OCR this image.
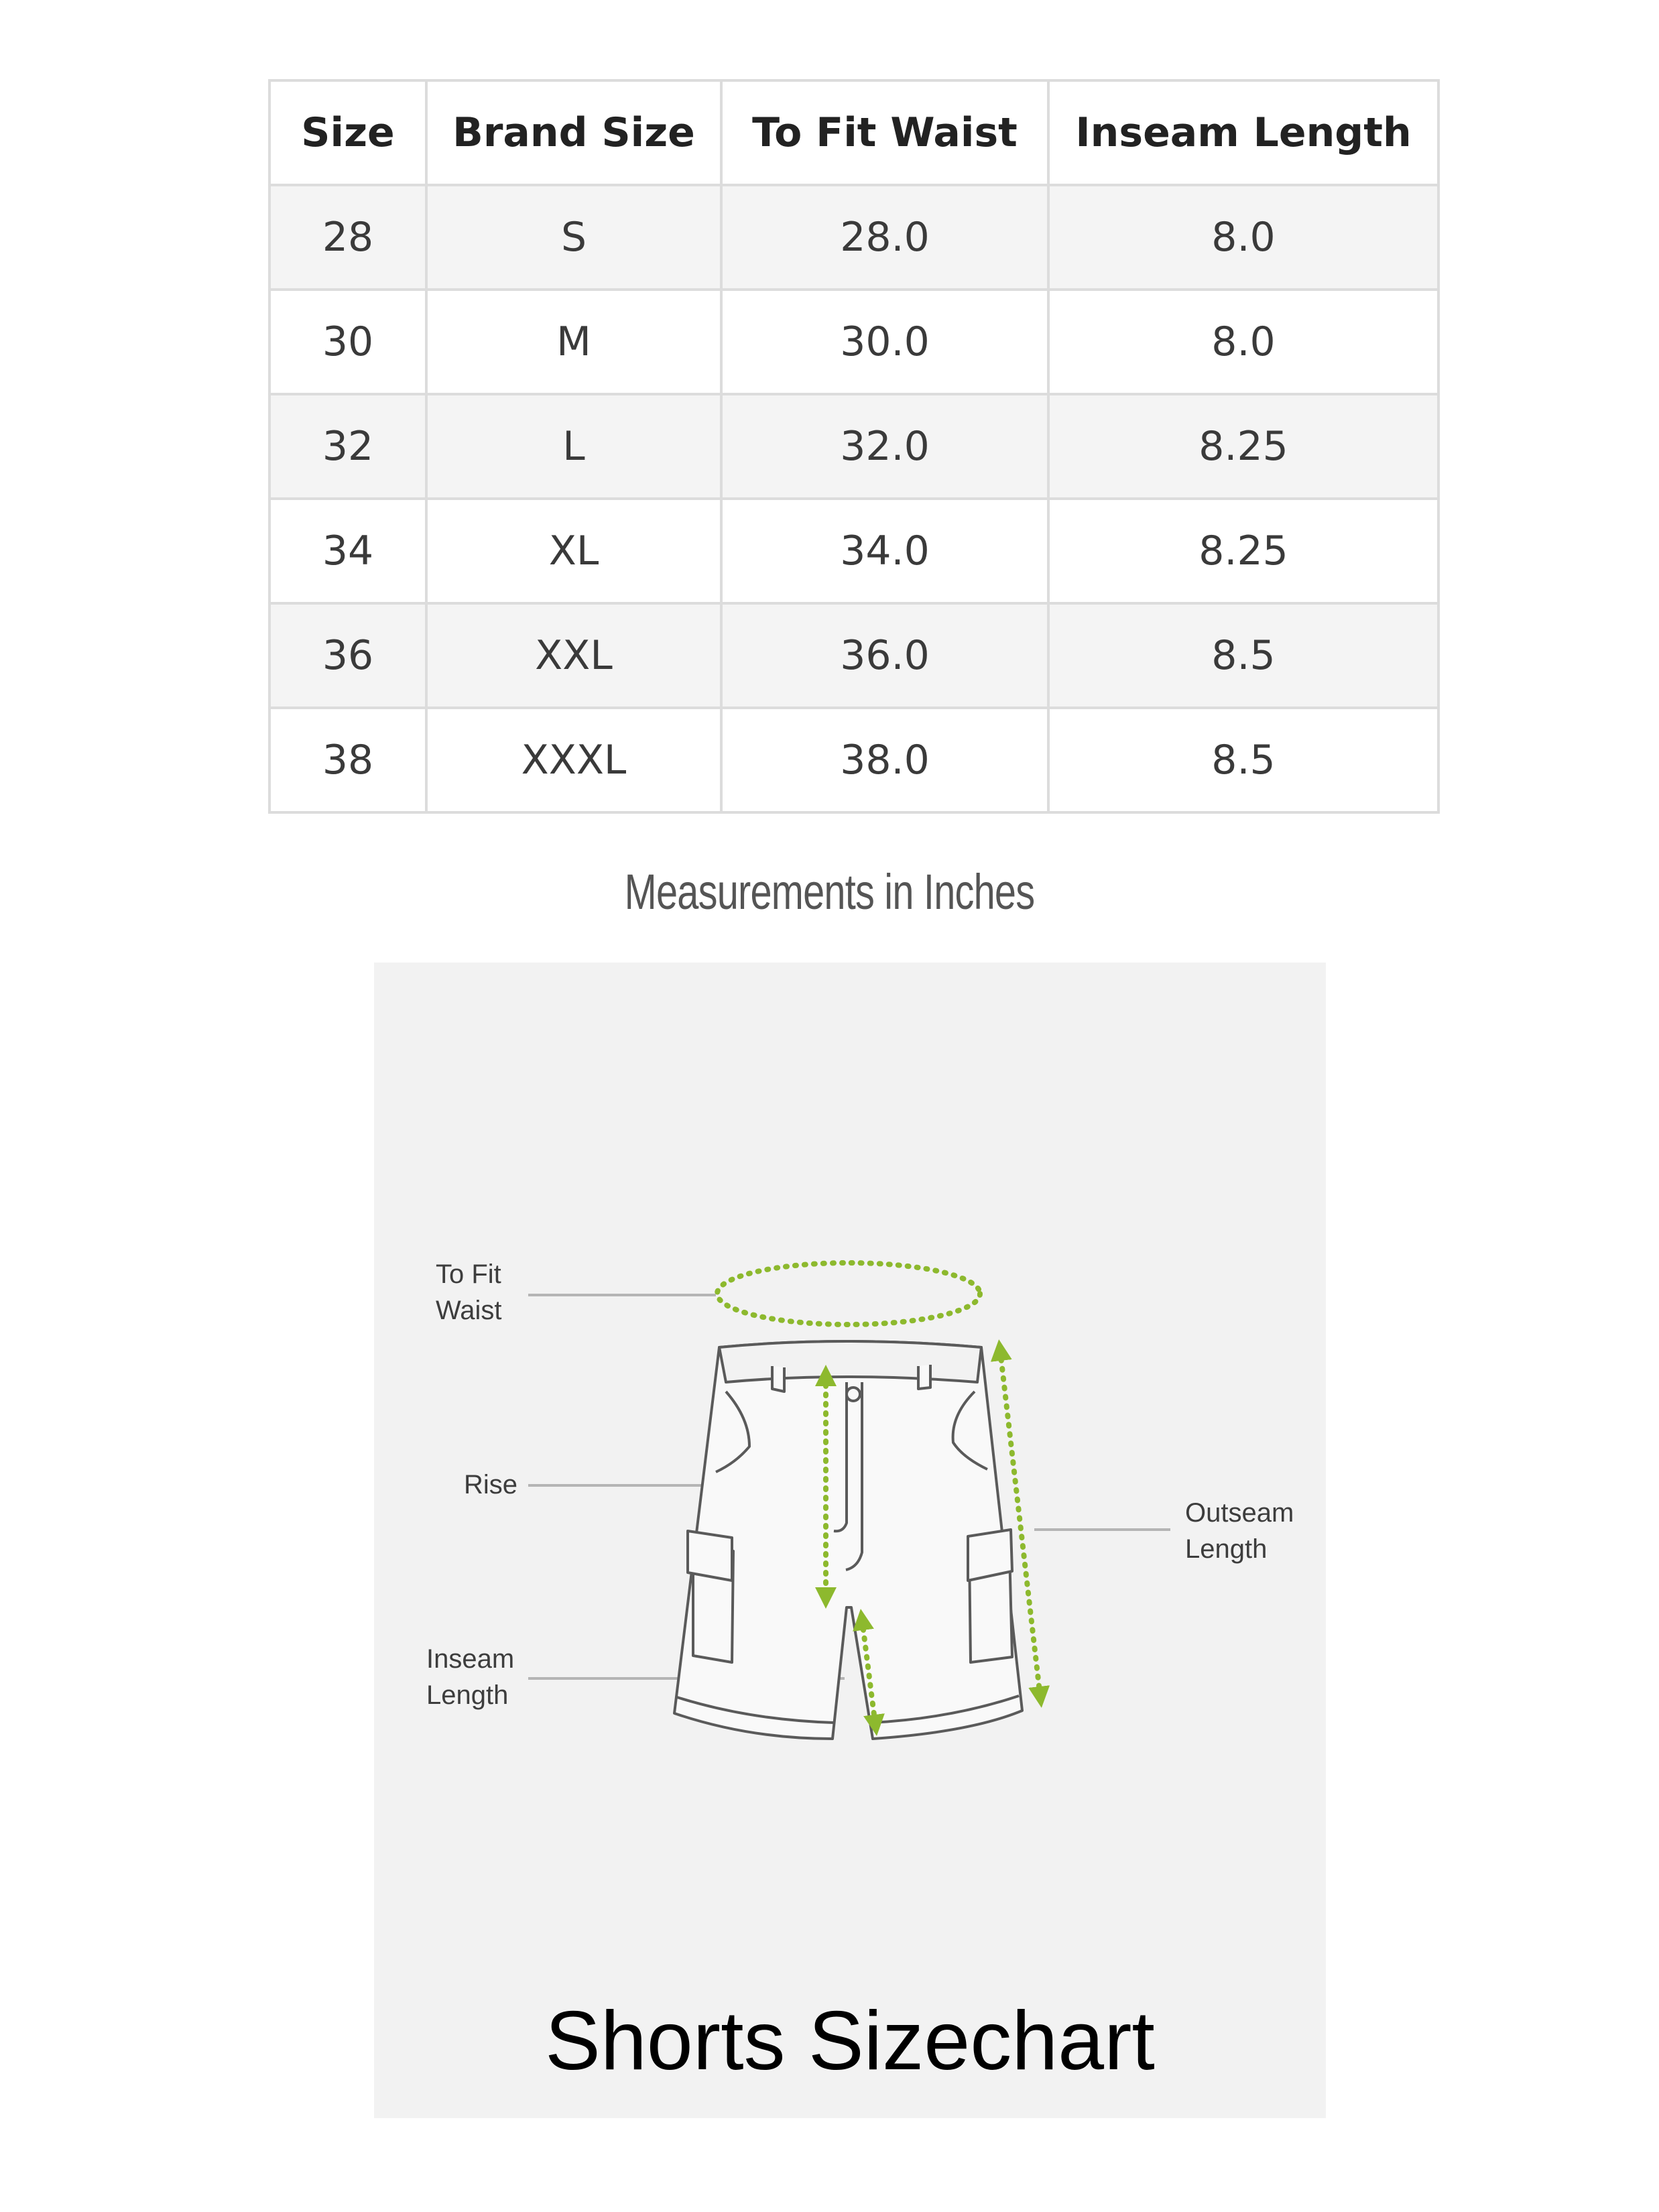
Size	Brand Size	To Fit Waist	Inseam Length
28	S	28.0	8.0
30	M	30.0	8.0
32	L	32.0	8.25
34	XL	34.0	8.25
36	XXL	36.0	8.5
38	XXXL	38.0	8.5
Measurements in Inches
To Fit
Waist
Rise
Inseam
Length
Outseam
Length
Shorts Sizechart
